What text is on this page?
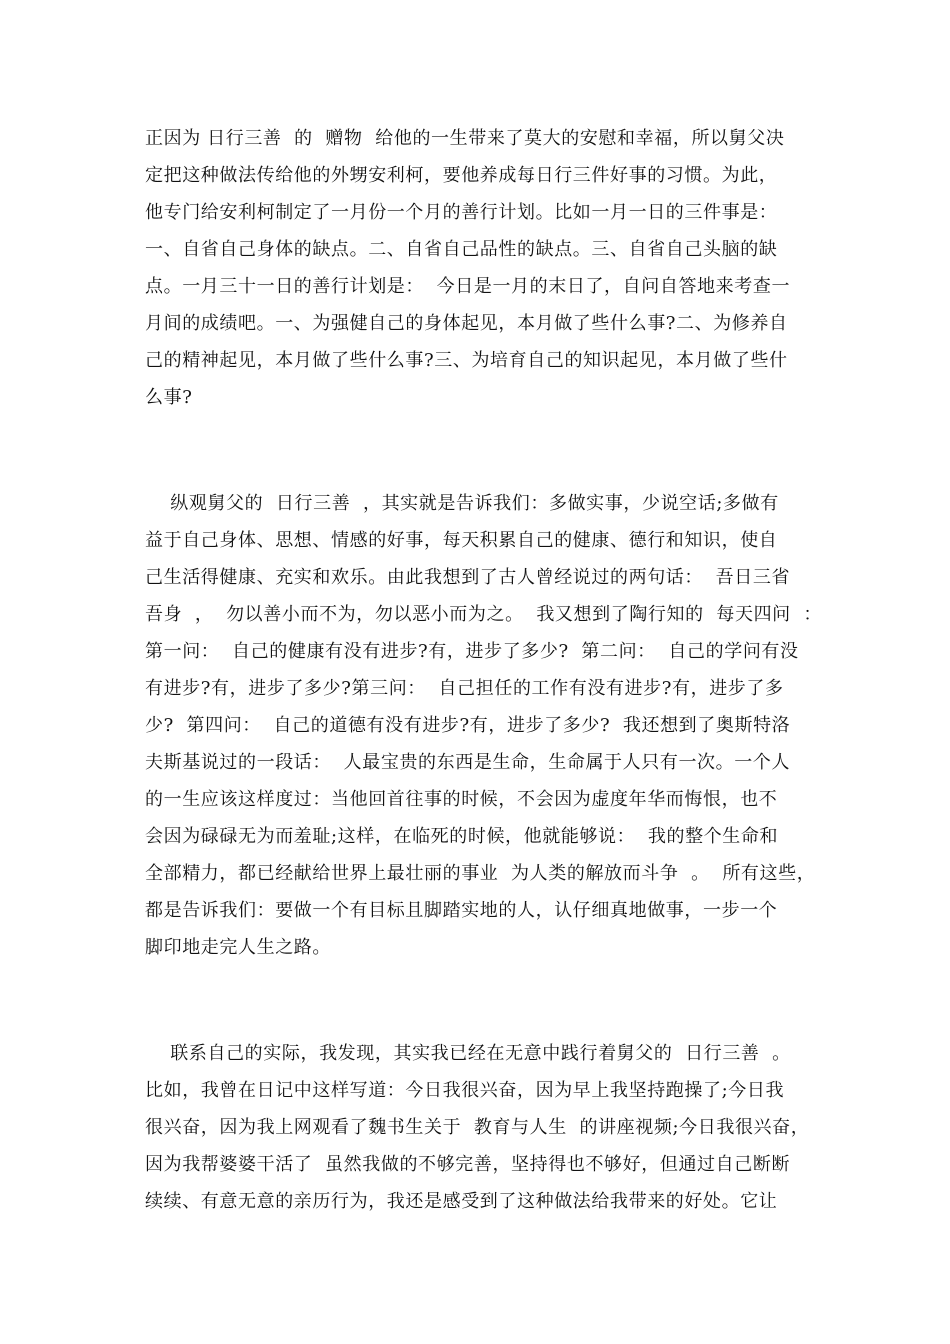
正因为 日行三善  的  赠物  给他的一生带来了莫大的安慰和幸福，所以舅父决
定把这种做法传给他的外甥安利柯，要他养成每日行三件好事的习惯。为此，
他专门给安利柯制定了一月份一个月的善行计划。比如一月一日的三件事是：
一、自省自己身体的缺点。二、自省自己品性的缺点。三、自省自己头脑的缺
点。一月三十一日的善行计划是：  今日是一月的末日了，自问自答地来考查一
月间的成绩吧。一、为强健自己的身体起见，本月做了些什么事?二、为修养自
己的精神起见，本月做了些什么事?三、为培育自己的知识起见，本月做了些什
么事?
纵观舅父的  日行三善  ，其实就是告诉我们：多做实事，少说空话;多做有
益于自己身体、思想、情感的好事，每天积累自己的健康、德行和知识，使自
己生活得健康、充实和欢乐。由此我想到了古人曾经说过的两句话：  吾日三省
吾身  ，  勿以善小而不为，勿以恶小而为之。  我又想到了陶行知的  每天四问  ：
第一问：  自己的健康有没有进步?有，进步了多少?  第二问：  自己的学问有没
有进步?有，进步了多少?第三问：  自己担任的工作有没有进步?有，进步了多
少?  第四问：  自己的道德有没有进步?有，进步了多少?  我还想到了奥斯特洛
夫斯基说过的一段话：  人最宝贵的东西是生命，生命属于人只有一次。一个人
的一生应该这样度过：当他回首往事的时候，不会因为虚度年华而悔恨，也不
会因为碌碌无为而羞耻;这样，在临死的时候，他就能够说：  我的整个生命和
全部精力，都已经献给世界上最壮丽的事业  为人类的解放而斗争  。  所有这些，
都是告诉我们：要做一个有目标且脚踏实地的人，认仔细真地做事，一步一个
脚印地走完人生之路。
联系自己的实际，我发现，其实我已经在无意中践行着舅父的  日行三善  。
比如，我曾在日记中这样写道：今日我很兴奋，因为早上我坚持跑操了;今日我
很兴奋，因为我上网观看了魏书生关于  教育与人生  的讲座视频;今日我很兴奋，
因为我帮婆婆干活了  虽然我做的不够完善，坚持得也不够好，但通过自己断断
续续、有意无意的亲历行为，我还是感受到了这种做法给我带来的好处。它让
